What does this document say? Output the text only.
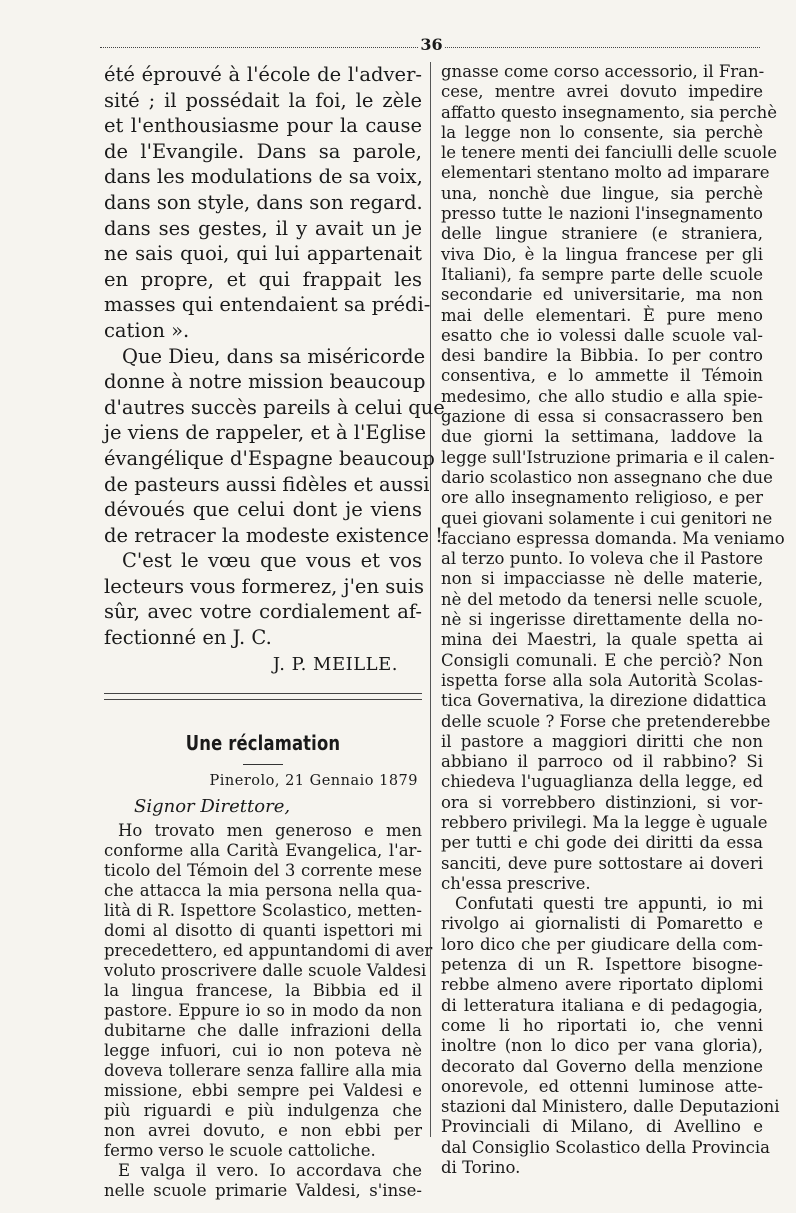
36
été éprouvé à l'école de l'adver-
sité ; il possédait la foi, le zèle
et l'enthousiasme pour la cause
de l'Evangile. Dans sa parole,
dans les modulations de sa voix,
dans son style, dans son regard.
dans ses gestes, il y avait un je
ne sais quoi, qui lui appartenait
en propre, et qui frappait les
masses qui entendaient sa prédi-
cation ».
Que Dieu, dans sa miséricorde
donne à notre mission beaucoup
d'autres succès pareils à celui que
je viens de rappeler, et à l'Eglise
évangélique d'Espagne beaucoup
de pasteurs aussi fidèles et aussi
dévoués que celui dont je viens
de retracer la modeste existence !
C'est le vœu que vous et vos
lecteurs vous formerez, j'en suis
sûr, avec votre cordialement af-
fectionné en J. C.
J. P. MEILLE.
Une réclamation
Pinerolo, 21 Gennaio 1879
Signor Direttore,
Ho trovato men generoso e men
conforme alla Carità Evangelica, l'ar-
ticolo del Témoin del 3 corrente mese
che attacca la mia persona nella qua-
lità di R. Ispettore Scolastico, metten-
domi al disotto di quanti ispettori mi
precedettero, ed appuntandomi di aver
voluto proscrivere dalle scuole Valdesi
la lingua francese, la Bibbia ed il
pastore. Eppure io so in modo da non
dubitarne che dalle infrazioni della
legge infuori, cui io non poteva nè
doveva tollerare senza fallire alla mia
missione, ebbi sempre pei Valdesi e
più riguardi e più indulgenza che
non avrei dovuto, e non ebbi per
fermo verso le scuole cattoliche.
E valga il vero. Io accordava che
nelle scuole primarie Valdesi, s'inse-
gnasse come corso accessorio, il Fran-
cese, mentre avrei dovuto impedire
affatto questo insegnamento, sia perchè
la legge non lo consente, sia perchè
le tenere menti dei fanciulli delle scuole
elementari stentano molto ad imparare
una, nonchè due lingue, sia perchè
presso tutte le nazioni l'insegnamento
delle lingue straniere (e straniera,
viva Dio, è la lingua francese per gli
Italiani), fa sempre parte delle scuole
secondarie ed universitarie, ma non
mai delle elementari. È pure meno
esatto che io volessi dalle scuole val-
desi bandire la Bibbia. Io per contro
consentiva, e lo ammette il Témoin
medesimo, che allo studio e alla spie-
gazione di essa si consacrassero ben
due giorni la settimana, laddove la
legge sull'Istruzione primaria e il calen-
dario scolastico non assegnano che due
ore allo insegnamento religioso, e per
quei giovani solamente i cui genitori ne
facciano espressa domanda. Ma veniamo
al terzo punto. Io voleva che il Pastore
non si impacciasse nè delle materie,
nè del metodo da tenersi nelle scuole,
nè si ingerisse direttamente della no-
mina dei Maestri, la quale spetta ai
Consigli comunali. E che perciò? Non
ispetta forse alla sola Autorità Scolas-
tica Governativa, la direzione didattica
delle scuole ? Forse che pretenderebbe
il pastore a maggiori diritti che non
abbiano il parroco od il rabbino? Si
chiedeva l'uguaglianza della legge, ed
ora si vorrebbero distinzioni, si vor-
rebbero privilegi. Ma la legge è uguale
per tutti e chi gode dei diritti da essa
sanciti, deve pure sottostare ai doveri
ch'essa prescrive.
Confutati questi tre appunti, io mi
rivolgo ai giornalisti di Pomaretto e
loro dico che per giudicare della com-
petenza di un R. Ispettore bisogne-
rebbe almeno avere riportato diplomi
di letteratura italiana e di pedagogia,
come li ho riportati io, che venni
inoltre (non lo dico per vana gloria),
decorato dal Governo della menzione
onorevole, ed ottenni luminose atte-
stazioni dal Ministero, dalle Deputazioni
Provinciali di Milano, di Avellino e
dal Consiglio Scolastico della Provincia
di Torino.
